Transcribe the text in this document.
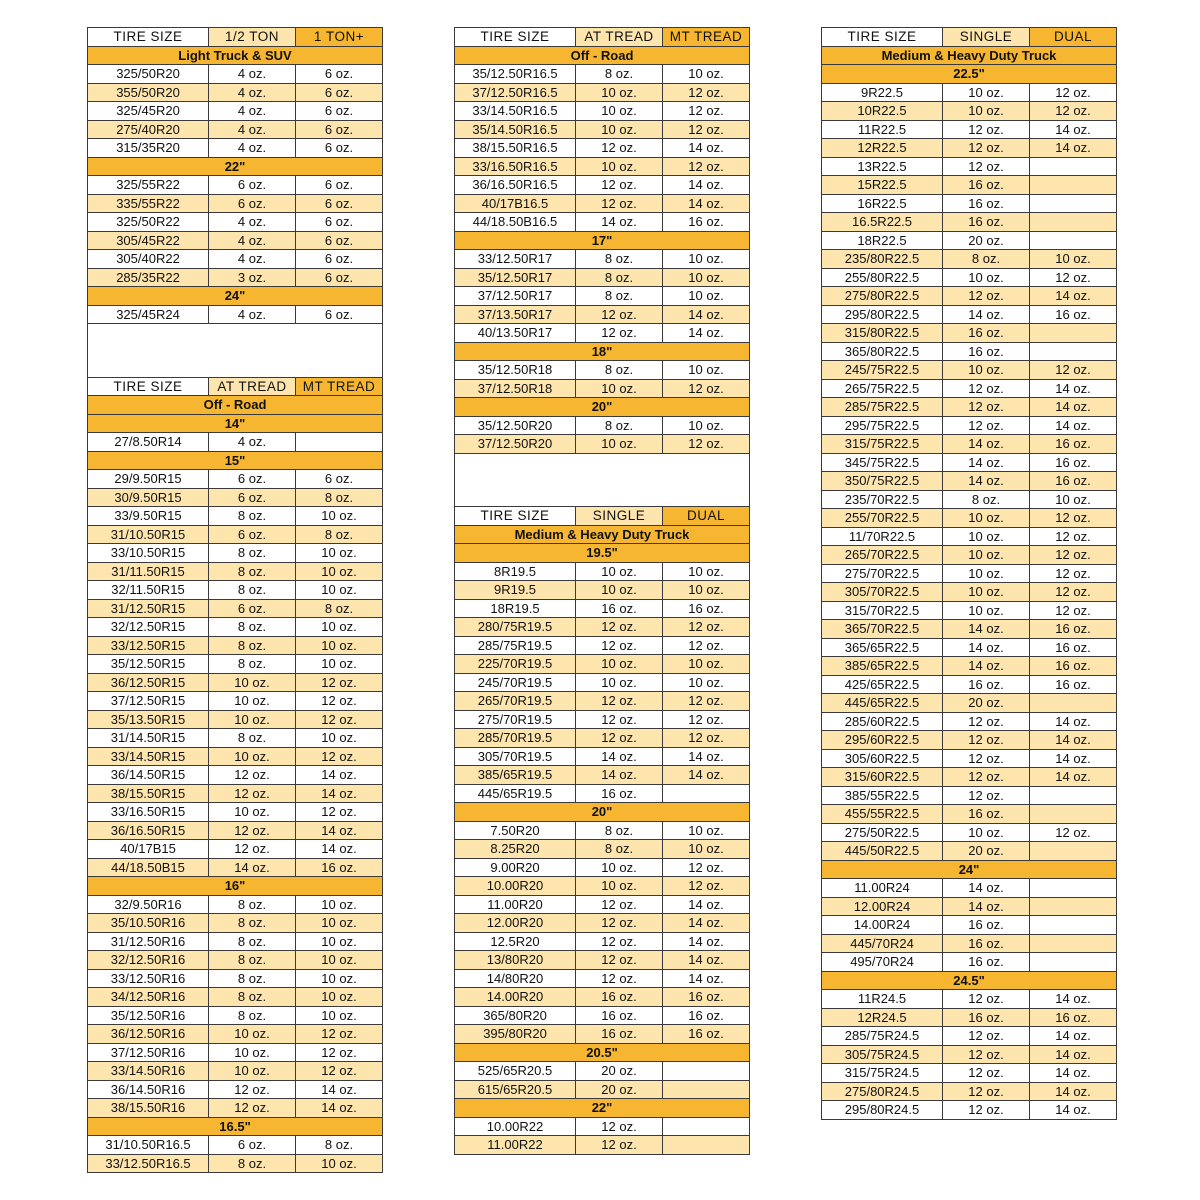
TIRE SIZE	1/2 TON	1 TON+
Light Truck & SUV		
325/50R20	4 oz.	6 oz.
355/50R20	4 oz.	6 oz.
325/45R20	4 oz.	6 oz.
275/40R20	4 oz.	6 oz.
315/35R20	4 oz.	6 oz.
22"		
325/55R22	6 oz.	6 oz.
335/55R22	6 oz.	6 oz.
325/50R22	4 oz.	6 oz.
305/45R22	4 oz.	6 oz.
305/40R22	4 oz.	6 oz.
285/35R22	3 oz.	6 oz.
24"		
325/45R24	4 oz.	6 oz.

TIRE SIZE	AT TREAD	MT TREAD
Off - Road		
14"		
27/8.50R14	4 oz.	
15"		
29/9.50R15	6 oz.	6 oz.
30/9.50R15	6 oz.	8 oz.
33/9.50R15	8 oz.	10 oz.
31/10.50R15	6 oz.	8 oz.
33/10.50R15	8 oz.	10 oz.
31/11.50R15	8 oz.	10 oz.
32/11.50R15	8 oz.	10 oz.
31/12.50R15	6 oz.	8 oz.
32/12.50R15	8 oz.	10 oz.
33/12.50R15	8 oz.	10 oz.
35/12.50R15	8 oz.	10 oz.
36/12.50R15	10 oz.	12 oz.
37/12.50R15	10 oz.	12 oz.
35/13.50R15	10 oz.	12 oz.
31/14.50R15	8 oz.	10 oz.
33/14.50R15	10 oz.	12 oz.
36/14.50R15	12 oz.	14 oz.
38/15.50R15	12 oz.	14 oz.
33/16.50R15	10 oz.	12 oz.
36/16.50R15	12 oz.	14 oz.
40/17B15	12 oz.	14 oz.
44/18.50B15	14 oz.	16 oz.
16"		
32/9.50R16	8 oz.	10 oz.
35/10.50R16	8 oz.	10 oz.
31/12.50R16	8 oz.	10 oz.
32/12.50R16	8 oz.	10 oz.
33/12.50R16	8 oz.	10 oz.
34/12.50R16	8 oz.	10 oz.
35/12.50R16	8 oz.	10 oz.
36/12.50R16	10 oz.	12 oz.
37/12.50R16	10 oz.	12 oz.
33/14.50R16	10 oz.	12 oz.
36/14.50R16	12 oz.	14 oz.
38/15.50R16	12 oz.	14 oz.
16.5"		
31/10.50R16.5	6 oz.	8 oz.
33/12.50R16.5	8 oz.	10 oz.
TIRE SIZE	AT TREAD	MT TREAD
Off - Road		
35/12.50R16.5	8 oz.	10 oz.
37/12.50R16.5	10 oz.	12 oz.
33/14.50R16.5	10 oz.	12 oz.
35/14.50R16.5	10 oz.	12 oz.
38/15.50R16.5	12 oz.	14 oz.
33/16.50R16.5	10 oz.	12 oz.
36/16.50R16.5	12 oz.	14 oz.
40/17B16.5	12 oz.	14 oz.
44/18.50B16.5	14 oz.	16 oz.
17"		
33/12.50R17	8 oz.	10 oz.
35/12.50R17	8 oz.	10 oz.
37/12.50R17	8 oz.	10 oz.
37/13.50R17	12 oz.	14 oz.
40/13.50R17	12 oz.	14 oz.
18"		
35/12.50R18	8 oz.	10 oz.
37/12.50R18	10 oz.	12 oz.
20"		
35/12.50R20	8 oz.	10 oz.
37/12.50R20	10 oz.	12 oz.

TIRE SIZE	SINGLE	DUAL
Medium & Heavy Duty Truck		
19.5"		
8R19.5	10 oz.	10 oz.
9R19.5	10 oz.	10 oz.
18R19.5	16 oz.	16 oz.
280/75R19.5	12 oz.	12 oz.
285/75R19.5	12 oz.	12 oz.
225/70R19.5	10 oz.	10 oz.
245/70R19.5	10 oz.	10 oz.
265/70R19.5	12 oz.	12 oz.
275/70R19.5	12 oz.	12 oz.
285/70R19.5	12 oz.	12 oz.
305/70R19.5	14 oz.	14 oz.
385/65R19.5	14 oz.	14 oz.
445/65R19.5	16 oz.	
20"		
7.50R20	8 oz.	10 oz.
8.25R20	8 oz.	10 oz.
9.00R20	10 oz.	12 oz.
10.00R20	10 oz.	12 oz.
11.00R20	12 oz.	14 oz.
12.00R20	12 oz.	14 oz.
12.5R20	12 oz.	14 oz.
13/80R20	12 oz.	14 oz.
14/80R20	12 oz.	14 oz.
14.00R20	16 oz.	16 oz.
365/80R20	16 oz.	16 oz.
395/80R20	16 oz.	16 oz.
20.5"		
525/65R20.5	20 oz.	
615/65R20.5	20 oz.	
22"		
10.00R22	12 oz.	
11.00R22	12 oz.	
TIRE SIZE	SINGLE	DUAL
Medium & Heavy Duty Truck		
22.5"		
9R22.5	10 oz.	12 oz.
10R22.5	10 oz.	12 oz.
11R22.5	12 oz.	14 oz.
12R22.5	12 oz.	14 oz.
13R22.5	12 oz.	
15R22.5	16 oz.	
16R22.5	16 oz.	
16.5R22.5	16 oz.	
18R22.5	20 oz.	
235/80R22.5	8 oz.	10 oz.
255/80R22.5	10 oz.	12 oz.
275/80R22.5	12 oz.	14 oz.
295/80R22.5	14 oz.	16 oz.
315/80R22.5	16 oz.	
365/80R22.5	16 oz.	
245/75R22.5	10 oz.	12 oz.
265/75R22.5	12 oz.	14 oz.
285/75R22.5	12 oz.	14 oz.
295/75R22.5	12 oz.	14 oz.
315/75R22.5	14 oz.	16 oz.
345/75R22.5	14 oz.	16 oz.
350/75R22.5	14 oz.	16 oz.
235/70R22.5	8 oz.	10 oz.
255/70R22.5	10 oz.	12 oz.
11/70R22.5	10 oz.	12 oz.
265/70R22.5	10 oz.	12 oz.
275/70R22.5	10 oz.	12 oz.
305/70R22.5	10 oz.	12 oz.
315/70R22.5	10 oz.	12 oz.
365/70R22.5	14 oz.	16 oz.
365/65R22.5	14 oz.	16 oz.
385/65R22.5	14 oz.	16 oz.
425/65R22.5	16 oz.	16 oz.
445/65R22.5	20 oz.	
285/60R22.5	12 oz.	14 oz.
295/60R22.5	12 oz.	14 oz.
305/60R22.5	12 oz.	14 oz.
315/60R22.5	12 oz.	14 oz.
385/55R22.5	12 oz.	
455/55R22.5	16 oz.	
275/50R22.5	10 oz.	12 oz.
445/50R22.5	20 oz.	
24"		
11.00R24	14 oz.	
12.00R24	14 oz.	
14.00R24	16 oz.	
445/70R24	16 oz.	
495/70R24	16 oz.	
24.5"		
11R24.5	12 oz.	14 oz.
12R24.5	16 oz.	16 oz.
285/75R24.5	12 oz.	14 oz.
305/75R24.5	12 oz.	14 oz.
315/75R24.5	12 oz.	14 oz.
275/80R24.5	12 oz.	14 oz.
295/80R24.5	12 oz.	14 oz.
